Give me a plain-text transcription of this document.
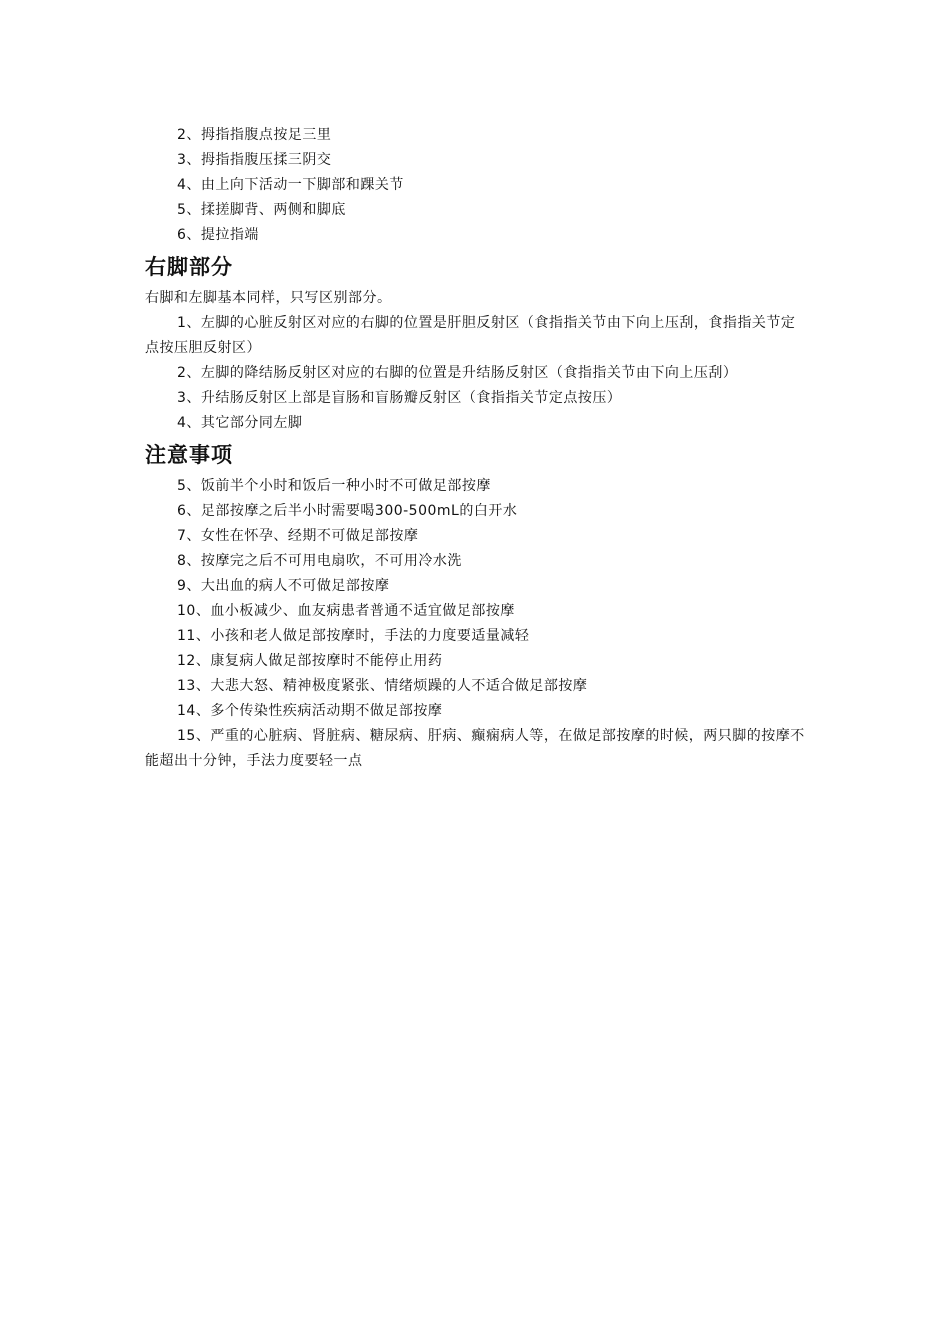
2、拇指指腹点按足三里

3、拇指指腹压揉三阴交

4、由上向下活动一下脚部和踝关节

5、揉搓脚背、两侧和脚底

6、提拉指端

右脚部分

右脚和左脚基本同样，只写区别部分。

1、左脚的心脏反射区对应的右脚的位置是肝胆反射区（食指指关节由下向上压刮，食指指关节定点按压胆反射区）

2、左脚的降结肠反射区对应的右脚的位置是升结肠反射区（食指指关节由下向上压刮）

3、升结肠反射区上部是盲肠和盲肠瓣反射区（食指指关节定点按压）

4、其它部分同左脚

注意事项

5、饭前半个小时和饭后一种小时不可做足部按摩

6、足部按摩之后半小时需要喝300-500mL的白开水

7、女性在怀孕、经期不可做足部按摩

8、按摩完之后不可用电扇吹，不可用冷水洗

9、大出血的病人不可做足部按摩

10、血小板减少、血友病患者普通不适宜做足部按摩

11、小孩和老人做足部按摩时，手法的力度要适量减轻

12、康复病人做足部按摩时不能停止用药

13、大悲大怒、精神极度紧张、情绪烦躁的人不适合做足部按摩

14、多个传染性疾病活动期不做足部按摩

15、严重的心脏病、肾脏病、糖尿病、肝病、癫痫病人等，在做足部按摩的时候，两只脚的按摩不能超出十分钟，手法力度要轻一点
